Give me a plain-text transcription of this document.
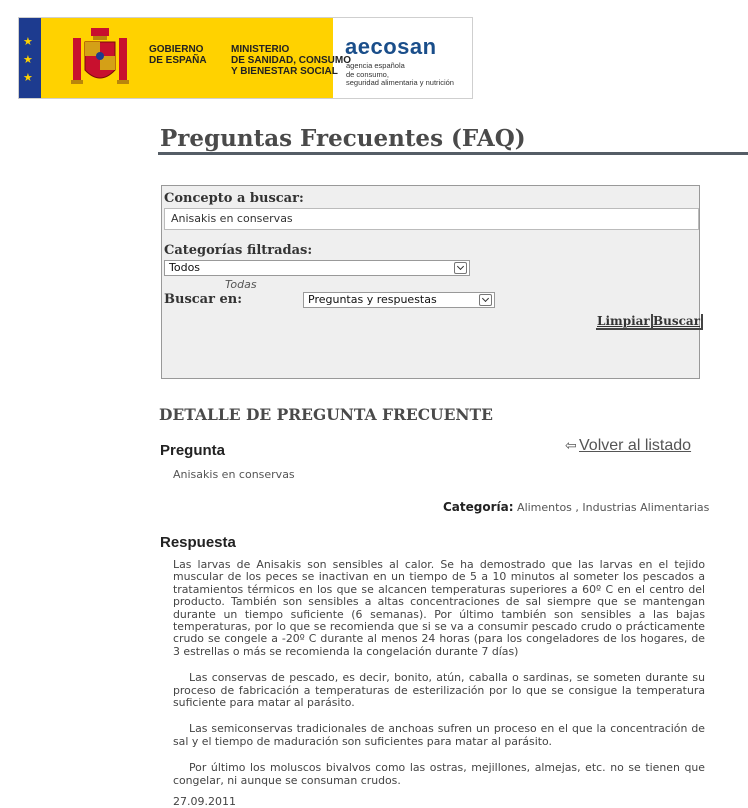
★
★
★
GOBIERNO
DE ESPAÑA
MINISTERIO
DE SANIDAD, CONSUMO
Y BIENESTAR SOCIAL
aecosan
agencia española
de consumo,
seguridad alimentaria y nutrición
Preguntas Frecuentes (FAQ)
Concepto a buscar:
Anisakis en conservas
Categorías filtradas:
Todos
Todas
Buscar en:	Preguntas y respuestas
Limpiar Buscar
DETALLE DE PREGUNTA FRECUENTE
Pregunta	⇦ Volver al listado
Anisakis en conservas
Categoría: Alimentos , Industrias Alimentarias
Respuesta

Las larvas de Anisakis son sensibles al calor. Se ha demostrado que las larvas en el tejido muscular de los peces se inactivan en un tiempo de 5 a 10 minutos al someter los pescados a tratamientos térmicos en los que se alcancen temperaturas superiores a 60º C en el centro del producto. También son sensibles a altas concentraciones de sal siempre que se mantengan durante un tiempo suficiente (6 semanas). Por último también son sensibles a las bajas temperaturas, por lo que se recomienda que si se va a consumir pescado crudo o prácticamente crudo se congele a -20º C durante al menos 24 horas (para los congeladores de los hogares, de 3 estrellas o más se recomienda la congelación durante 7 días)

Las conservas de pescado, es decir, bonito, atún, caballa o sardinas, se someten durante su proceso de fabricación a temperaturas de esterilización por lo que se consigue la temperatura suficiente para matar al parásito.

Las semiconservas tradicionales de anchoas sufren un proceso en el que la concentración de sal y el tiempo de maduración son suficientes para matar al parásito.

Por último los moluscos bivalvos como las ostras, mejillones, almejas, etc. no se tienen que congelar, ni aunque se consuman crudos.

27.09.2011
